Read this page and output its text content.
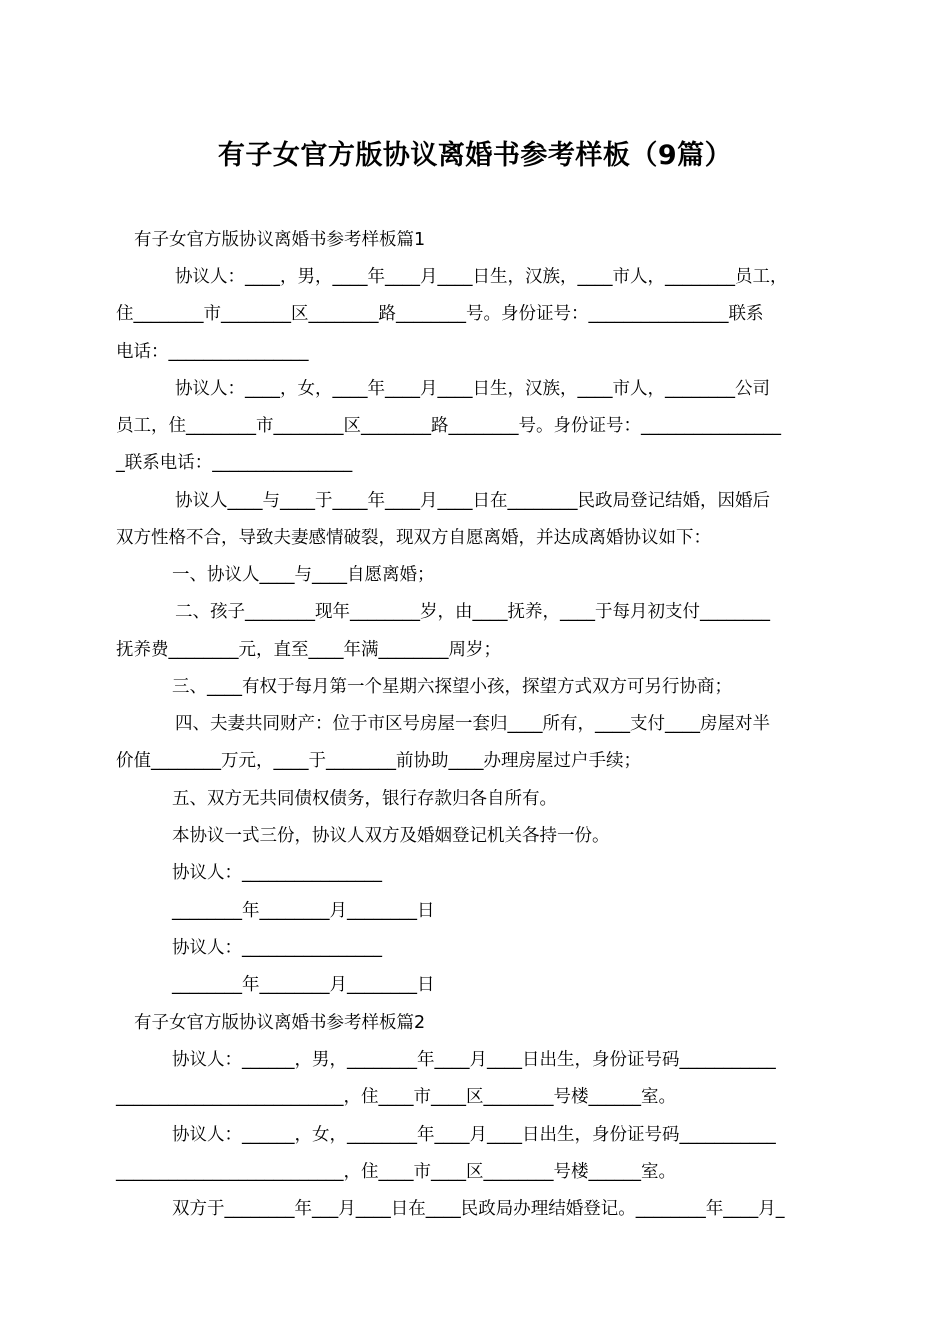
有子女官方版协议离婚书参考样板（9篇）
有子女官方版协议离婚书参考样板篇1
协议人：____，男，____年____月____日生，汉族，____市人，________员工，
住________市________区________路________号。身份证号：________________联系
电话：________________
协议人：____，女，____年____月____日生，汉族，____市人，________公司
员工，住________市________区________路________号。身份证号：________________
_联系电话：________________
协议人____与____于____年____月____日在________民政局登记结婚，因婚后
双方性格不合，导致夫妻感情破裂，现双方自愿离婚，并达成离婚协议如下：
一、协议人____与____自愿离婚；
二、孩子________现年________岁，由____抚养，____于每月初支付________
抚养费________元，直至____年满________周岁；
三、____有权于每月第一个星期六探望小孩，探望方式双方可另行协商；
四、夫妻共同财产：位于市区号房屋一套归____所有，____支付____房屋对半
价值________万元，____于________前协助____办理房屋过户手续；
五、双方无共同债权债务，银行存款归各自所有。
本协议一式三份，协议人双方及婚姻登记机关各持一份。
协议人：________________
________年________月________日
协议人：________________
________年________月________日
有子女官方版协议离婚书参考样板篇2
协议人：______，男，________年____月____日出生，身份证号码___________
__________________________，住____市____区________号楼______室。
协议人：______，女，________年____月____日出生，身份证号码___________
__________________________，住____市____区________号楼______室。
双方于________年___月____日在____民政局办理结婚登记。________年____月_
